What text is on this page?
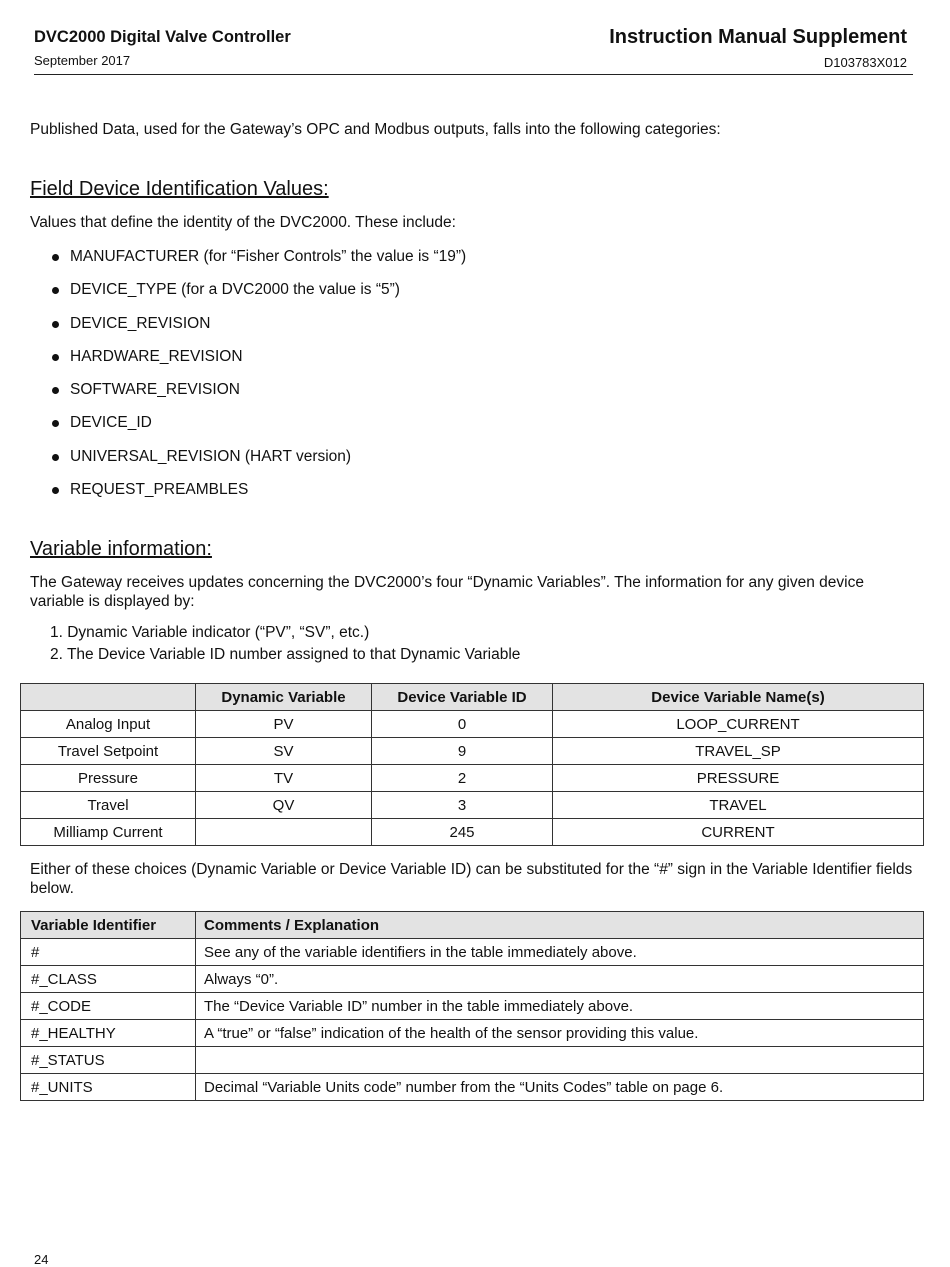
DVC2000 Digital Valve Controller
September 2017
Instruction Manual Supplement
D103783X012

Published Data, used for the Gateway’s OPC and Modbus outputs, falls into the following categories:

Field Device Identification Values:

Values that define the identity of the DVC2000. These include:

MANUFACTURER (for “Fisher Controls” the value is “19”)
DEVICE_TYPE (for a DVC2000 the value is “5”)
DEVICE_REVISION
HARDWARE_REVISION
SOFTWARE_REVISION
DEVICE_ID
UNIVERSAL_REVISION (HART version)
REQUEST_PREAMBLES
Variable information:

The Gateway receives updates concerning the DVC2000’s four “Dynamic Variables”. The information for any given device variable is displayed by:

1. Dynamic Variable indicator (“PV”, “SV”, etc.)
2. The Device Variable ID number assigned to that Dynamic Variable
	Dynamic Variable	Device Variable ID	Device Variable Name(s)
Analog Input	PV	0	LOOP_CURRENT
Travel Setpoint	SV	9	TRAVEL_SP
Pressure	TV	2	PRESSURE
Travel	QV	3	TRAVEL
Milliamp Current		245	CURRENT

Either of these choices (Dynamic Variable or Device Variable ID) can be substituted for the “#” sign in the Variable Identifier fields below.

Variable Identifier	Comments / Explanation
#	See any of the variable identifiers in the table immediately above.
#_CLASS	Always “0”.
#_CODE	The “Device Variable ID” number in the table immediately above.
#_HEALTHY	A “true” or “false” indication of the health of the sensor providing this value.
#_STATUS	
#_UNITS	Decimal “Variable Units code” number from the “Units Codes” table on page 6.
24
